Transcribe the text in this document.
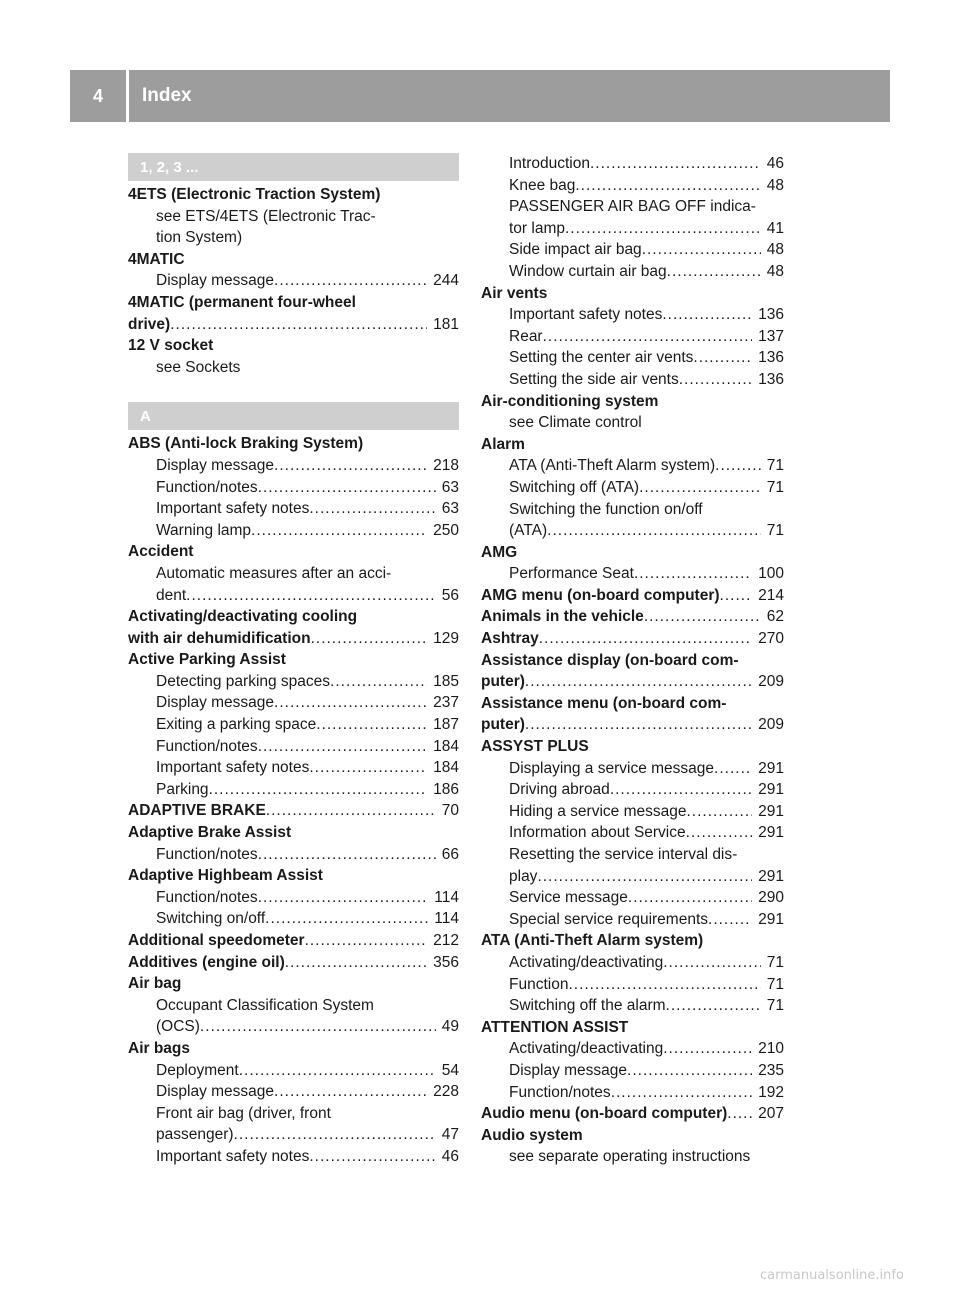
4	Index
1, 2, 3 ...
4ETS (Electronic Traction System)
see ETS/4ETS (Electronic Trac-
tion System)
4MATIC
Display message .....	244
4MATIC (permanent four-wheel
drive) .....	181
12 V socket
see Sockets
A
ABS (Anti-lock Braking System)
Display message .....	218
Function/notes .....	63
Important safety notes .....	63
Warning lamp .....	250
Accident
Automatic measures after an acci-
dent .....	56
Activating/deactivating cooling
with air dehumidification .....	129
Active Parking Assist
Detecting parking spaces .....	185
Display message .....	237
Exiting a parking space .....	187
Function/notes .....	184
Important safety notes .....	184
Parking .....	186
ADAPTIVE BRAKE .....	70
Adaptive Brake Assist
Function/notes .....	66
Adaptive Highbeam Assist
Function/notes .....	114
Switching on/off .....	114
Additional speedometer .....	212
Additives (engine oil) .....	356
Air bag
Occupant Classification System
(OCS) .....	49
Air bags
Deployment .....	54
Display message .....	228
Front air bag (driver, front
passenger) .....	47
Important safety notes .....	46
Introduction .....	46
Knee bag .....	48
PASSENGER AIR BAG OFF indica-
tor lamp .....	41
Side impact air bag .....	48
Window curtain air bag .....	48
Air vents
Important safety notes .....	136
Rear .....	137
Setting the center air vents .....	136
Setting the side air vents .....	136
Air-conditioning system
see Climate control
Alarm
ATA (Anti-Theft Alarm system) .....	71
Switching off (ATA) .....	71
Switching the function on/off
(ATA) .....	71
AMG
Performance Seat .....	100
AMG menu (on-board computer) .....	214
Animals in the vehicle .....	62
Ashtray .....	270
Assistance display (on-board com-
puter) .....	209
Assistance menu (on-board com-
puter) .....	209
ASSYST PLUS
Displaying a service message .....	291
Driving abroad .....	291
Hiding a service message .....	291
Information about Service .....	291
Resetting the service interval dis-
play .....	291
Service message .....	290
Special service requirements .....	291
ATA (Anti-Theft Alarm system)
Activating/deactivating .....	71
Function .....	71
Switching off the alarm .....	71
ATTENTION ASSIST
Activating/deactivating .....	210
Display message .....	235
Function/notes .....	192
Audio menu (on-board computer) .....	207
Audio system
see separate operating instructions
carmanualsonline.info
